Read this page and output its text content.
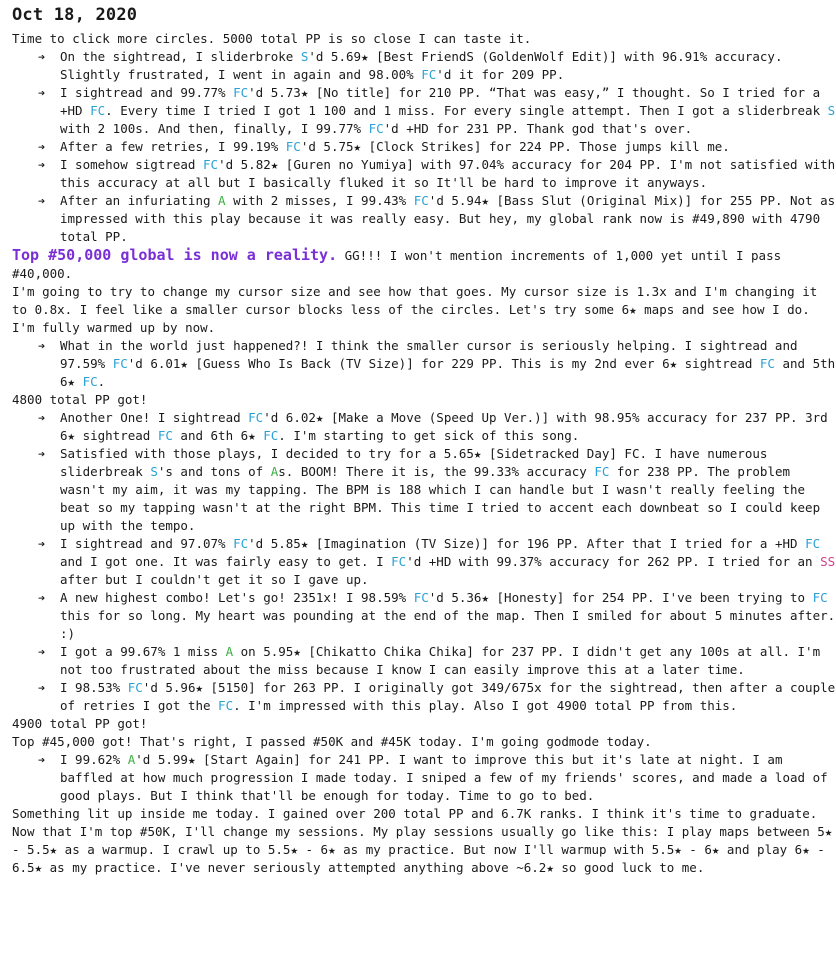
Oct 18, 2020

Time to click more circles. 5000 total PP is so close I can taste it.

➔ On the sightread, I sliderbroke S'd 5.69★ [Best FriendS (GoldenWolf Edit)] with 96.91% accuracy. Slightly frustrated, I went in again and 98.00% FC'd it for 209 PP.
➔ I sightread and 99.77% FC'd 5.73★ [No title] for 210 PP. “That was easy,” I thought. So I tried for a +HD FC. Every time I tried I got 1 100 and 1 miss. For every single attempt. Then I got a sliderbreak S with 2 100s. And then, finally, I 99.77% FC'd +HD for 231 PP. Thank god that's over.
➔ After a few retries, I 99.19% FC'd 5.75★ [Clock Strikes] for 224 PP. Those jumps kill me.
➔ I somehow sigtread FC'd 5.82★ [Guren no Yumiya] with 97.04% accuracy for 204 PP. I'm not satisfied with this accuracy at all but I basically fluked it so It'll be hard to improve it anyways.
➔ After an infuriating A with 2 misses, I 99.43% FC'd 5.94★ [Bass Slut (Original Mix)] for 255 PP. Not as impressed with this play because it was really easy. But hey, my global rank now is #49,890 with 4790 total PP.

Top #50,000 global is now a reality. GG!!! I won't mention increments of 1,000 yet until I pass #40,000.

I'm going to try to change my cursor size and see how that goes. My cursor size is 1.3x and I'm changing it to 0.8x. I feel like a smaller cursor blocks less of the circles. Let's try some 6★ maps and see how I do. I'm fully warmed up by now.

➔ What in the world just happened?! I think the smaller cursor is seriously helping. I sightread and 97.59% FC'd 6.01★ [Guess Who Is Back (TV Size)] for 229 PP. This is my 2nd ever 6★ sightread FC and 5th 6★ FC.

4800 total PP got!

➔ Another One! I sightread FC'd 6.02★ [Make a Move (Speed Up Ver.)] with 98.95% accuracy for 237 PP. 3rd 6★ sightread FC and 6th 6★ FC. I'm starting to get sick of this song.
➔ Satisfied with those plays, I decided to try for a 5.65★ [Sidetracked Day] FC. I have numerous sliderbreak S's and tons of As. BOOM! There it is, the 99.33% accuracy FC for 238 PP. The problem wasn't my aim, it was my tapping. The BPM is 188 which I can handle but I wasn't really feeling the beat so my tapping wasn't at the right BPM. This time I tried to accent each downbeat so I could keep up with the tempo.
➔ I sightread and 97.07% FC'd 5.85★ [Imagination (TV Size)] for 196 PP. After that I tried for a +HD FC and I got one. It was fairly easy to get. I FC'd +HD with 99.37% accuracy for 262 PP. I tried for an SS after but I couldn't get it so I gave up.
➔ A new highest combo! Let's go! 2351x! I 98.59% FC'd 5.36★ [Honesty] for 254 PP. I've been trying to FC this for so long. My heart was pounding at the end of the map. Then I smiled for about 5 minutes after. :)
➔ I got a 99.67% 1 miss A on 5.95★ [Chikatto Chika Chika] for 237 PP. I didn't get any 100s at all. I'm not too frustrated about the miss because I know I can easily improve this at a later time.
➔ I 98.53% FC'd 5.96★ [5150] for 263 PP. I originally got 349/675x for the sightread, then after a couple of retries I got the FC. I'm impressed with this play. Also I got 4900 total PP from this.

4900 total PP got!

Top #45,000 got! That's right, I passed #50K and #45K today. I'm going godmode today.

➔ I 99.62% A'd 5.99★ [Start Again] for 241 PP. I want to improve this but it's late at night. I am baffled at how much progression I made today. I sniped a few of my friends' scores, and made a load of good plays. But I think that'll be enough for today. Time to go to bed.

Something lit up inside me today. I gained over 200 total PP and 6.7K ranks. I think it's time to graduate. Now that I'm top #50K, I'll change my sessions. My play sessions usually go like this: I play maps between 5★ - 5.5★ as a warmup. I crawl up to 5.5★ - 6★ as my practice. But now I'll warmup with 5.5★ - 6★ and play 6★ - 6.5★ as my practice. I've never seriously attempted anything above ~6.2★ so good luck to me.
